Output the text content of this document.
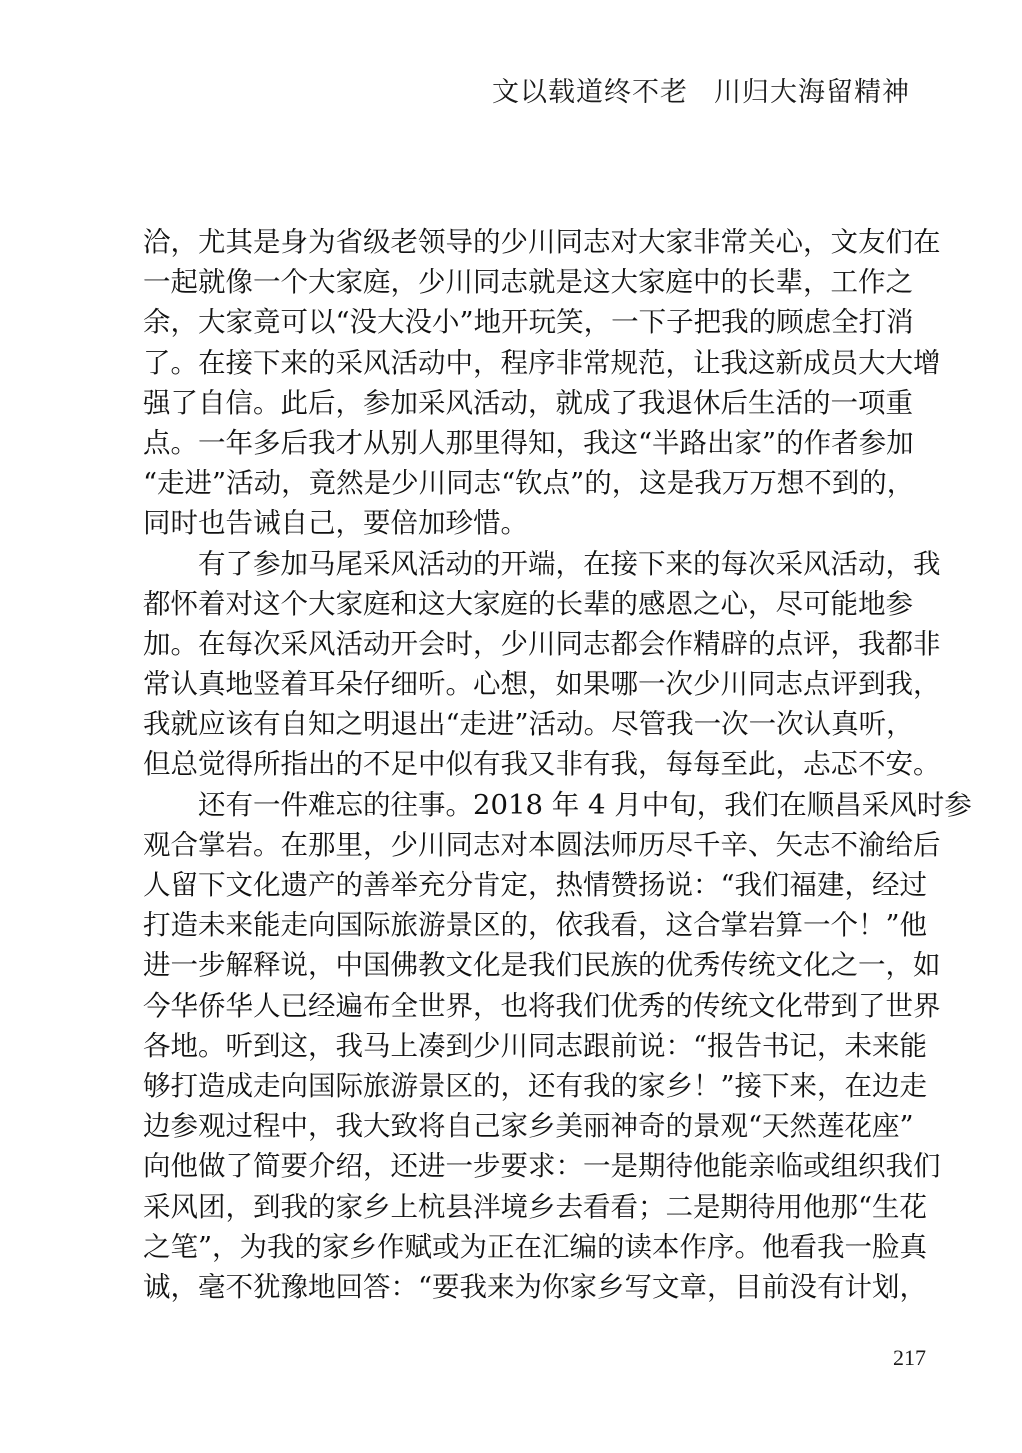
文以载道终不老 川归大海留精神
洽，尤其是身为省级老领导的少川同志对大家非常关心，文友们在
一起就像一个大家庭，少川同志就是这大家庭中的长辈，工作之
余，大家竟可以“没大没小”地开玩笑，一下子把我的顾虑全打消
了。在接下来的采风活动中，程序非常规范，让我这新成员大大增
强了自信。此后，参加采风活动，就成了我退休后生活的一项重
点。一年多后我才从别人那里得知，我这“半路出家”的作者参加
“走进”活动，竟然是少川同志“钦点”的，这是我万万想不到的，
同时也告诫自己，要倍加珍惜。
有了参加马尾采风活动的开端，在接下来的每次采风活动，我
都怀着对这个大家庭和这大家庭的长辈的感恩之心，尽可能地参
加。在每次采风活动开会时，少川同志都会作精辟的点评，我都非
常认真地竖着耳朵仔细听。心想，如果哪一次少川同志点评到我，
我就应该有自知之明退出“走进”活动。尽管我一次一次认真听，
但总觉得所指出的不足中似有我又非有我，每每至此，忐忑不安。
还有一件难忘的往事。2018 年 4 月中旬，我们在顺昌采风时参
观合掌岩。在那里，少川同志对本圆法师历尽千辛、矢志不渝给后
人留下文化遗产的善举充分肯定，热情赞扬说：“我们福建，经过
打造未来能走向国际旅游景区的，依我看，这合掌岩算一个！”他
进一步解释说，中国佛教文化是我们民族的优秀传统文化之一，如
今华侨华人已经遍布全世界，也将我们优秀的传统文化带到了世界
各地。听到这，我马上凑到少川同志跟前说：“报告书记，未来能
够打造成走向国际旅游景区的，还有我的家乡！”接下来，在边走
边参观过程中，我大致将自己家乡美丽神奇的景观“天然莲花座”
向他做了简要介绍，还进一步要求：一是期待他能亲临或组织我们
采风团，到我的家乡上杭县泮境乡去看看；二是期待用他那“生花
之笔”，为我的家乡作赋或为正在汇编的读本作序。他看我一脸真
诚，毫不犹豫地回答：“要我来为你家乡写文章，目前没有计划，
217
